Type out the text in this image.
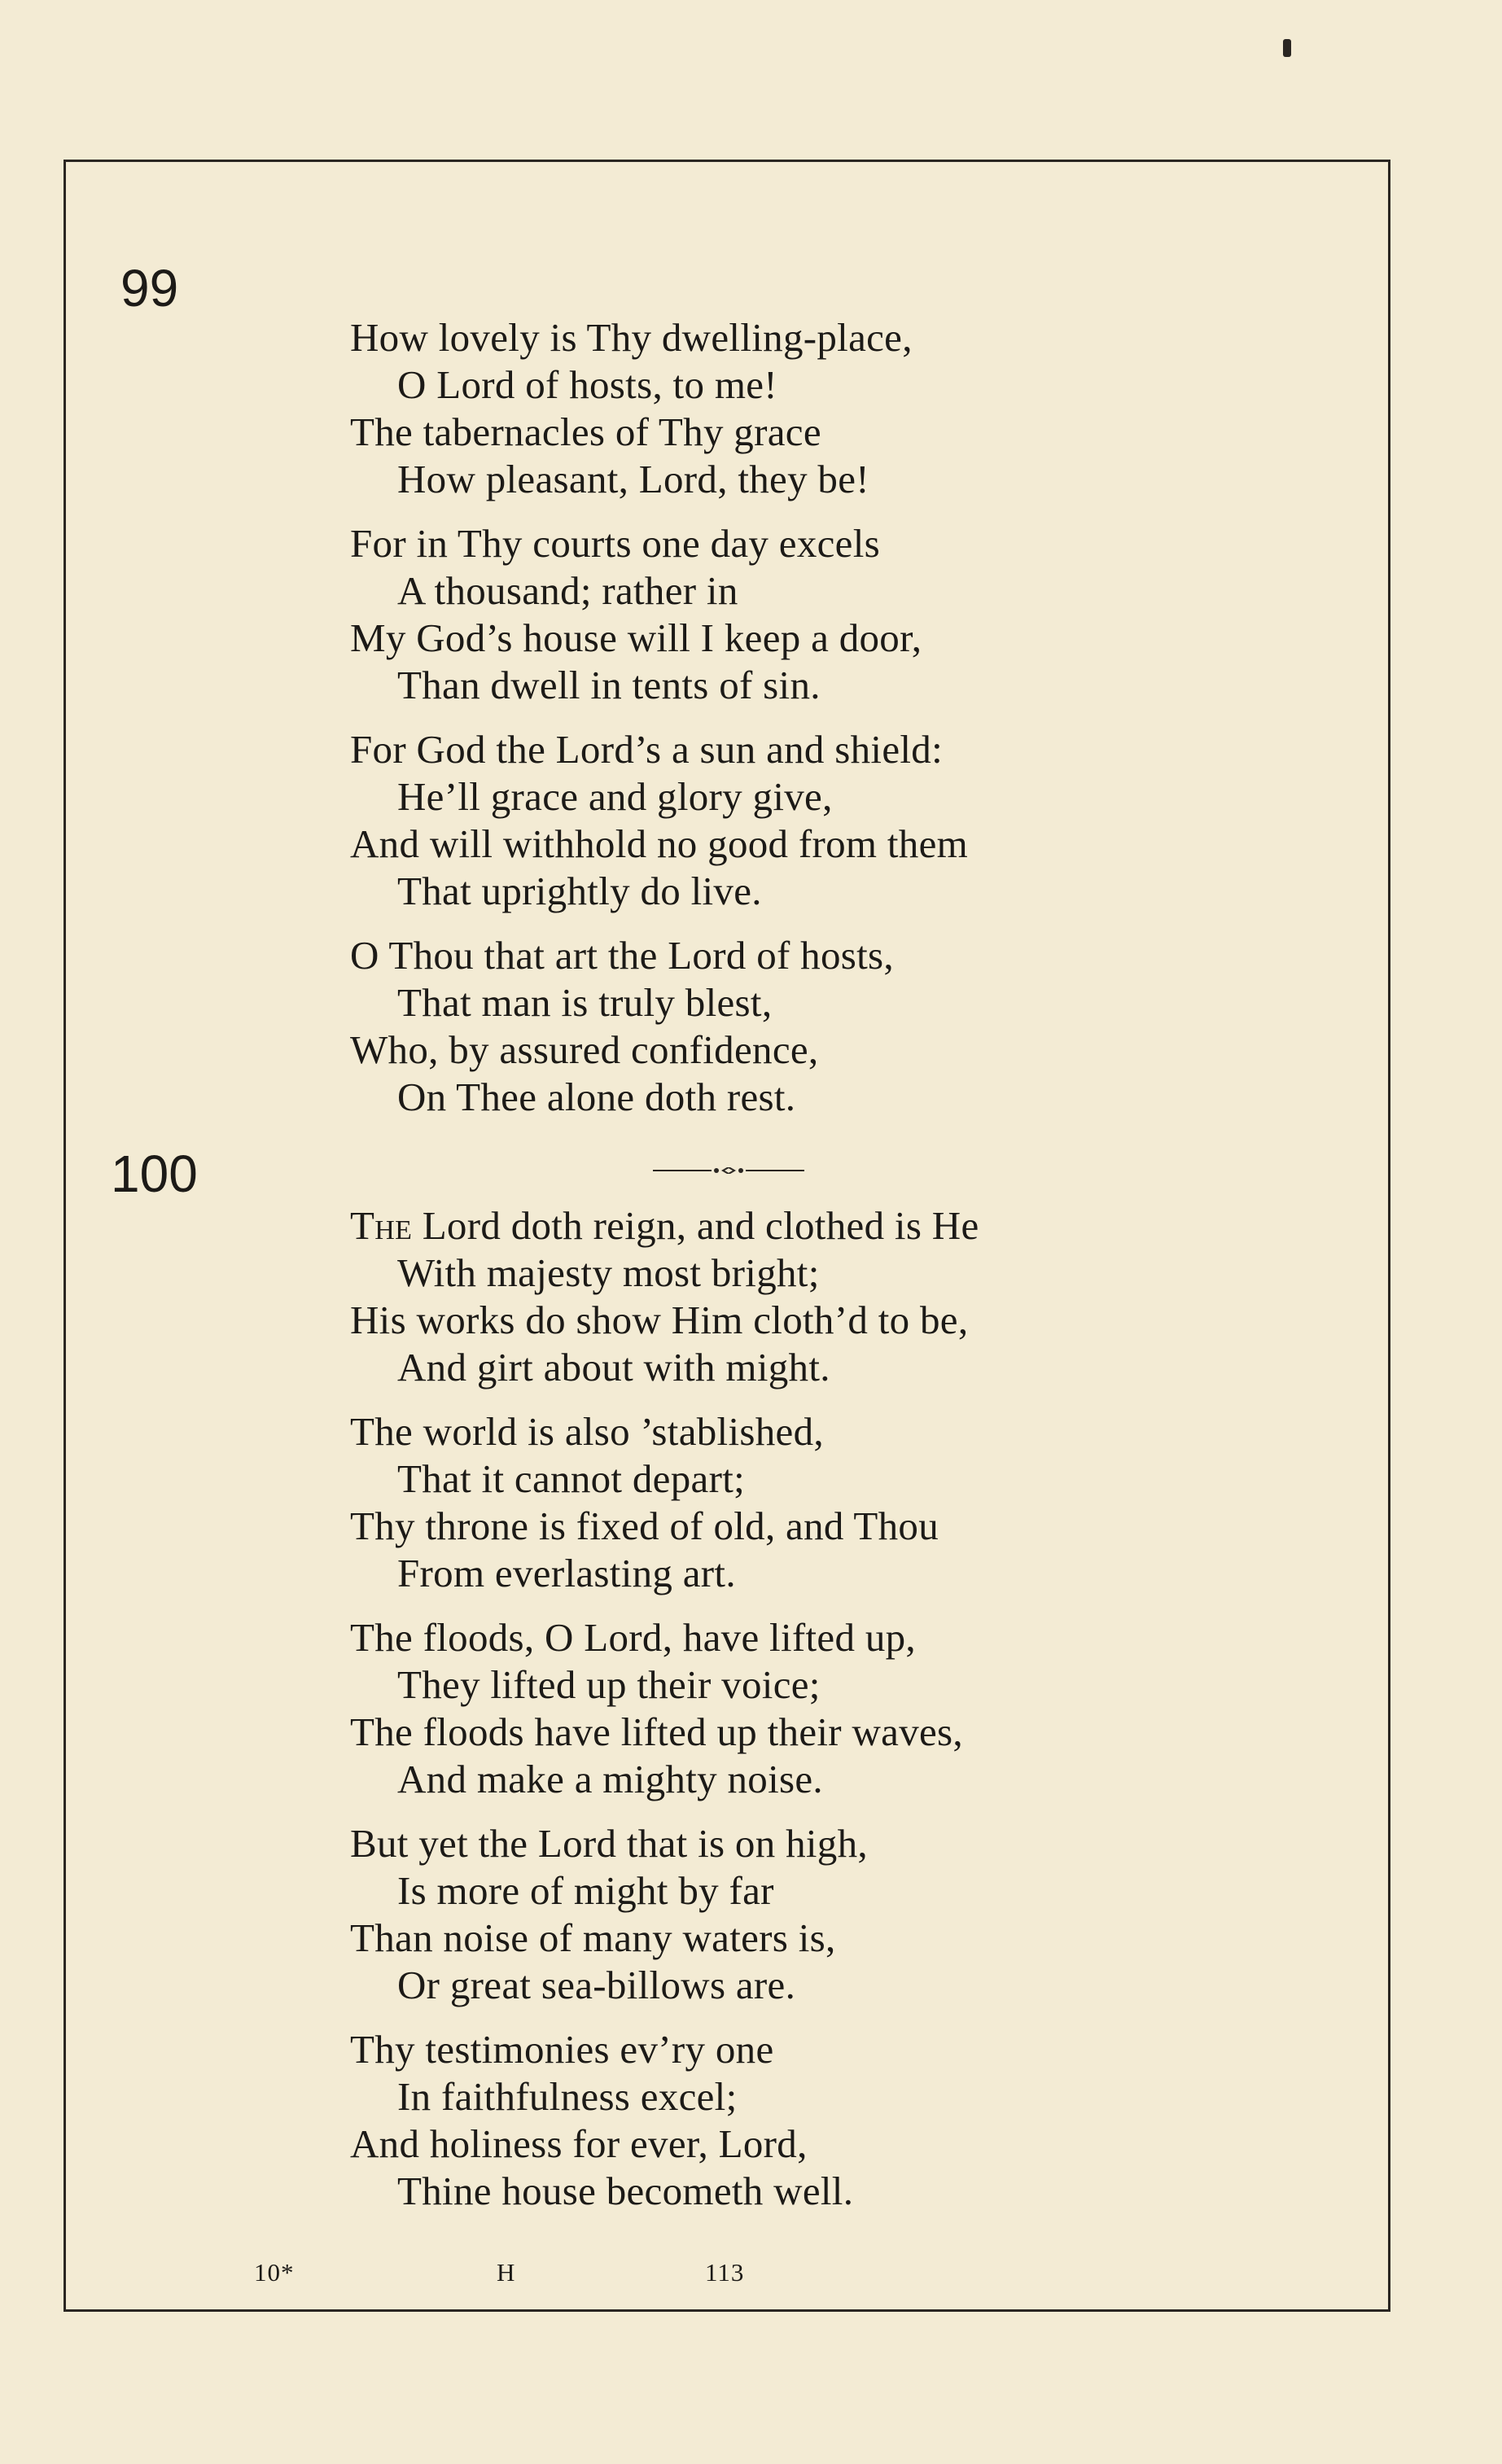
99
100
How lovely is Thy dwelling-place,
O Lord of hosts, to me!
The tabernacles of Thy grace
How pleasant, Lord, they be!
For in Thy courts one day excels
A thousand; rather in
My God’s house will I keep a door,
Than dwell in tents of sin.
For God the Lord’s a sun and shield:
He’ll grace and glory give,
And will withhold no good from them
That uprightly do live.
O Thou that art the Lord of hosts,
That man is truly blest,
Who, by assured confidence,
On Thee alone doth rest.
The Lord doth reign, and clothed is He
With majesty most bright;
His works do show Him cloth’d to be,
And girt about with might.
The world is also ’stablished,
That it cannot depart;
Thy throne is fixed of old, and Thou
From everlasting art.
The floods, O Lord, have lifted up,
They lifted up their voice;
The floods have lifted up their waves,
And make a mighty noise.
But yet the Lord that is on high,
Is more of might by far
Than noise of many waters is,
Or great sea-billows are.
Thy testimonies ev’ry one
In faithfulness excel;
And holiness for ever, Lord,
Thine house becometh well.
10*	H	113
